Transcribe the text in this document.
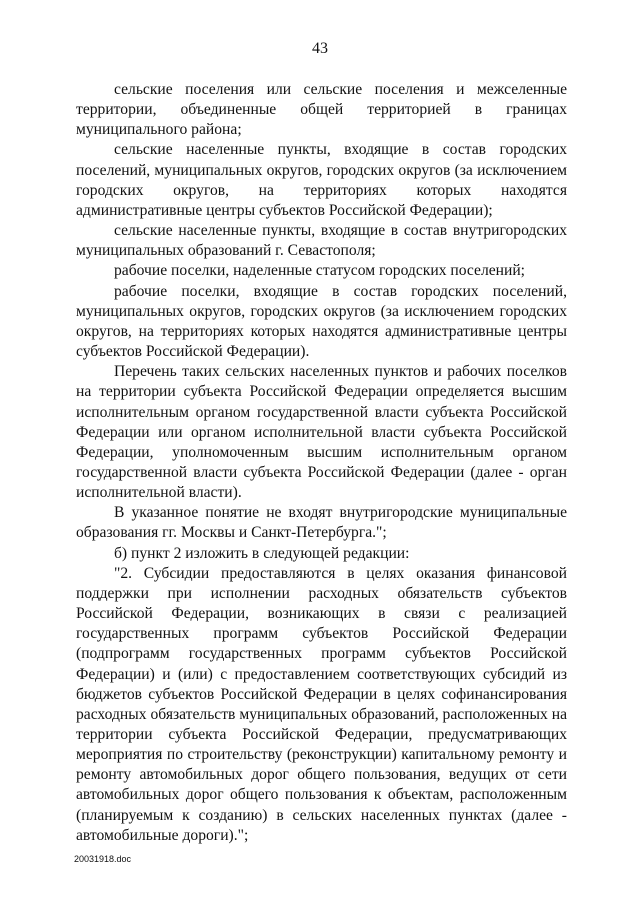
43

сельские поселения или сельские поселения и межселенные территории, объединенные общей территорией в границах муниципального района;

сельские населенные пункты, входящие в состав городских поселений, муниципальных округов, городских округов (за исключением городских округов, на территориях которых находятся административные центры субъектов Российской Федерации);

сельские населенные пункты, входящие в состав внутригородских муниципальных образований г. Севастополя;

рабочие поселки, наделенные статусом городских поселений;

рабочие поселки, входящие в состав городских поселений, муниципальных округов, городских округов (за исключением городских округов, на территориях которых находятся административные центры субъектов Российской Федерации).

Перечень таких сельских населенных пунктов и рабочих поселков на территории субъекта Российской Федерации определяется высшим исполнительным органом государственной власти субъекта Российской Федерации или органом исполнительной власти субъекта Российской Федерации, уполномоченным высшим исполнительным органом государственной власти субъекта Российской Федерации (далее - орган исполнительной власти).

В указанное понятие не входят внутригородские муниципальные образования гг. Москвы и Санкт-Петербурга.";

б) пункт 2 изложить в следующей редакции:

"2. Субсидии предоставляются в целях оказания финансовой поддержки при исполнении расходных обязательств субъектов Российской Федерации, возникающих в связи с реализацией государственных программ субъектов Российской Федерации (подпрограмм государственных программ субъектов Российской Федерации) и (или) с предоставлением соответствующих субсидий из бюджетов субъектов Российской Федерации в целях софинансирования расходных обязательств муниципальных образований, расположенных на территории субъекта Российской Федерации, предусматривающих мероприятия по строительству (реконструкции) капитальному ремонту и ремонту автомобильных дорог общего пользования, ведущих от сети автомобильных дорог общего пользования к объектам, расположенным (планируемым к созданию) в сельских населенных пунктах (далее - автомобильные дороги).";

20031918.doc
